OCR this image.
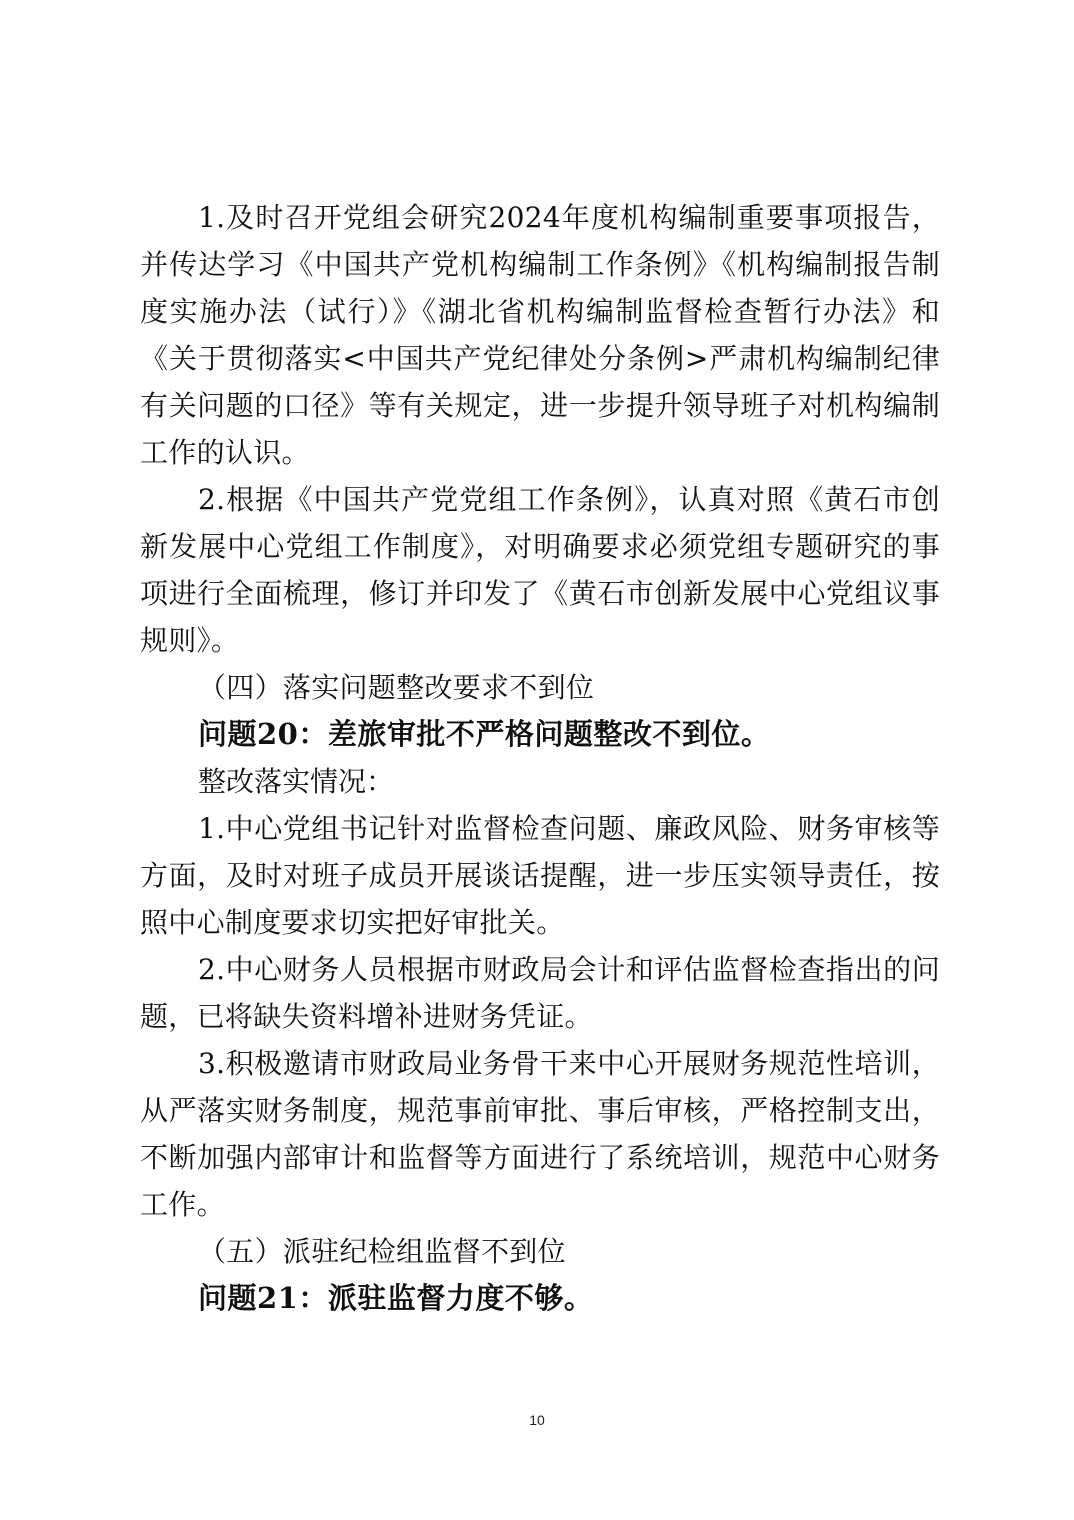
1.及时召开党组会研究2024年度机构编制重要事项报告，并传达学习《中国共产党机构编制工作条例》《机构编制报告制度实施办法（试行）》《湖北省机构编制监督检查暂行办法》和《关于贯彻落实<中国共产党纪律处分条例>严肃机构编制纪律有关问题的口径》等有关规定，进一步提升领导班子对机构编制工作的认识。

2.根据《中国共产党党组工作条例》，认真对照《黄石市创新发展中心党组工作制度》，对明确要求必须党组专题研究的事项进行全面梳理，修订并印发了《黄石市创新发展中心党组议事规则》。

（四）落实问题整改要求不到位

问题20：差旅审批不严格问题整改不到位。

整改落实情况：

1.中心党组书记针对监督检查问题、廉政风险、财务审核等方面，及时对班子成员开展谈话提醒，进一步压实领导责任，按照中心制度要求切实把好审批关。

2.中心财务人员根据市财政局会计和评估监督检查指出的问题，已将缺失资料增补进财务凭证。

3.积极邀请市财政局业务骨干来中心开展财务规范性培训，从严落实财务制度，规范事前审批、事后审核，严格控制支出，不断加强内部审计和监督等方面进行了系统培训，规范中心财务工作。

（五）派驻纪检组监督不到位

问题21：派驻监督力度不够。

10
